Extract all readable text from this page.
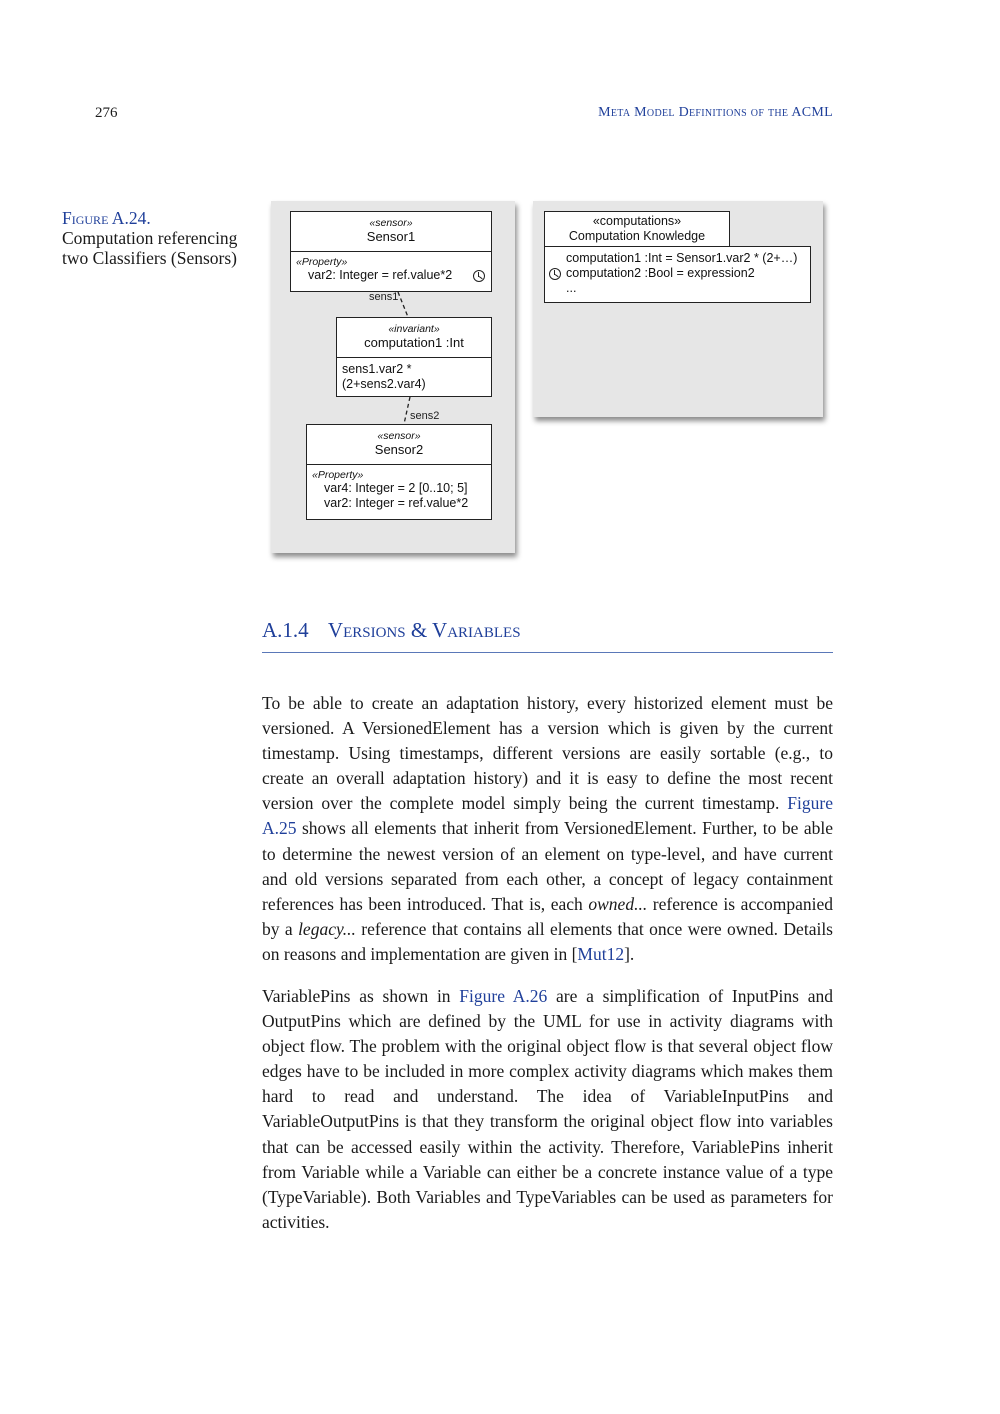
276	Meta Model Definitions of the ACML
Figure A.24.
Computation referencing two Classifiers (Sensors)
«sensor»
Sensor1
«Property»
var2: Integer = ref.value*2
sens1
«invariant»
computation1 :Int
sens1.var2 *
(2+sens2.var4)
sens2
«sensor»
Sensor2
«Property»
var4: Integer = 2 [0..10; 5]
var2: Integer = ref.value*2
«computations»
Computation Knowledge
computation1 :Int = Sensor1.var2 * (2+…)
computation2 :Bool = expression2
...
A.1.4 Versions & Variables
To be able to create an adaptation history, every historized element must be versioned. A VersionedElement has a version which is given by the current timestamp. Using timestamps, different versions are easily sortable (e.g., to create an overall adaptation history) and it is easy to define the most recent version over the complete model simply being the current timestamp. Figure A.25 shows all elements that inherit from VersionedElement. Further, to be able to determine the newest version of an element on type-level, and have current and old versions separated from each other, a concept of legacy containment references has been introduced. That is, each owned... reference is accompanied by a legacy... reference that contains all elements that once were owned. Details on reasons and implementation are given in [Mut12].
VariablePins as shown in Figure A.26 are a simplification of InputPins and OutputPins which are defined by the UML for use in activity diagrams with object flow. The problem with the original object flow is that several object flow edges have to be included in more complex activity diagrams which makes them hard to read and understand. The idea of VariableInputPins and VariableOutputPins is that they transform the original object flow into variables that can be accessed easily within the activity. Therefore, VariablePins inherit from Variable while a Variable can either be a concrete instance value of a type (TypeVariable). Both Variables and TypeVariables can be used as parameters for activities.
